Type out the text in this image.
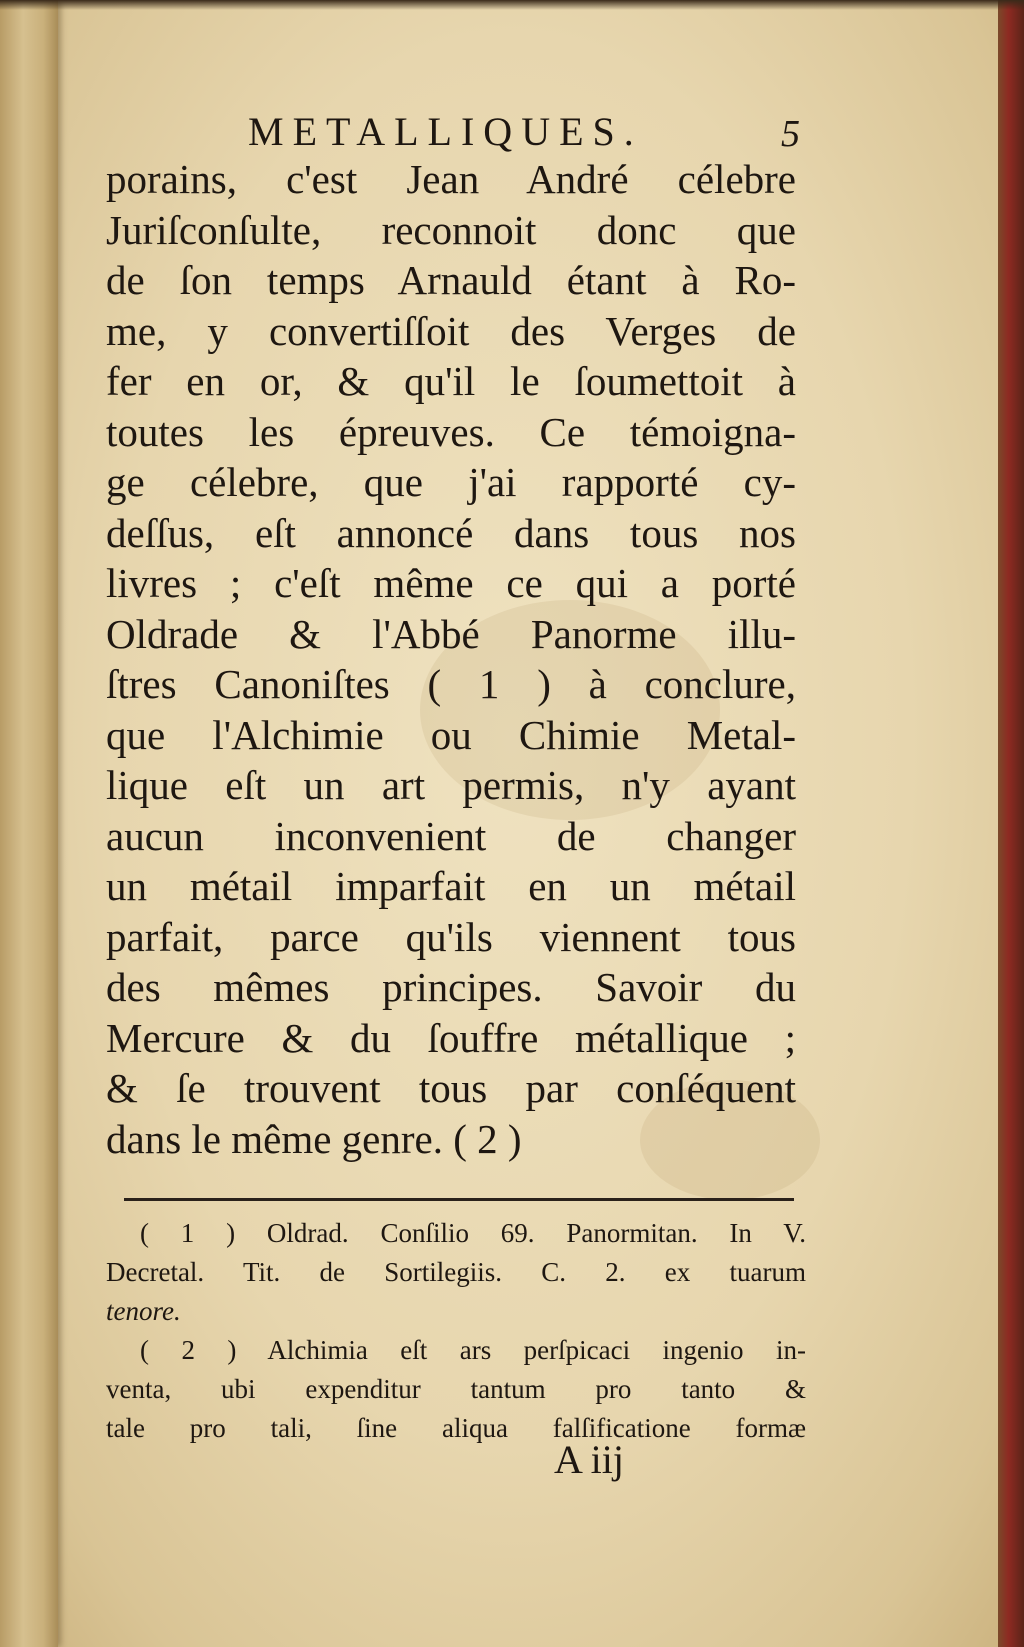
METALLIQUES.	5
porains, c'est Jean André célebre
Juriſconſulte, reconnoit donc que
de ſon temps Arnauld étant à Ro-
me, y convertiſſoit des Verges de
fer en or, & qu'il le ſoumettoit à
toutes les épreuves. Ce témoigna-
ge célebre, que j'ai rapporté cy-
deſſus, eſt annoncé dans tous nos
livres ; c'eſt même ce qui a porté
Oldrade & l'Abbé Panorme illu-
ſtres Canoniſtes ( 1 ) à conclure,
que l'Alchimie ou Chimie Metal-
lique eſt un art permis, n'y ayant
aucun inconvenient de changer
un métail imparfait en un métail
parfait, parce qu'ils viennent tous
des mêmes principes. Savoir du
Mercure & du ſouffre métallique ;
& ſe trouvent tous par conſéquent
dans le même genre. ( 2 )
( 1 ) Oldrad. Conſilio 69. Panormitan. In V.
Decretal. Tit. de Sortilegiis. C. 2. ex tuarum
tenore.
( 2 ) Alchimia eſt ars perſpicaci ingenio in-
venta, ubi expenditur tantum pro tanto &
tale pro tali, ſine aliqua falſificatione formæ
A iij
